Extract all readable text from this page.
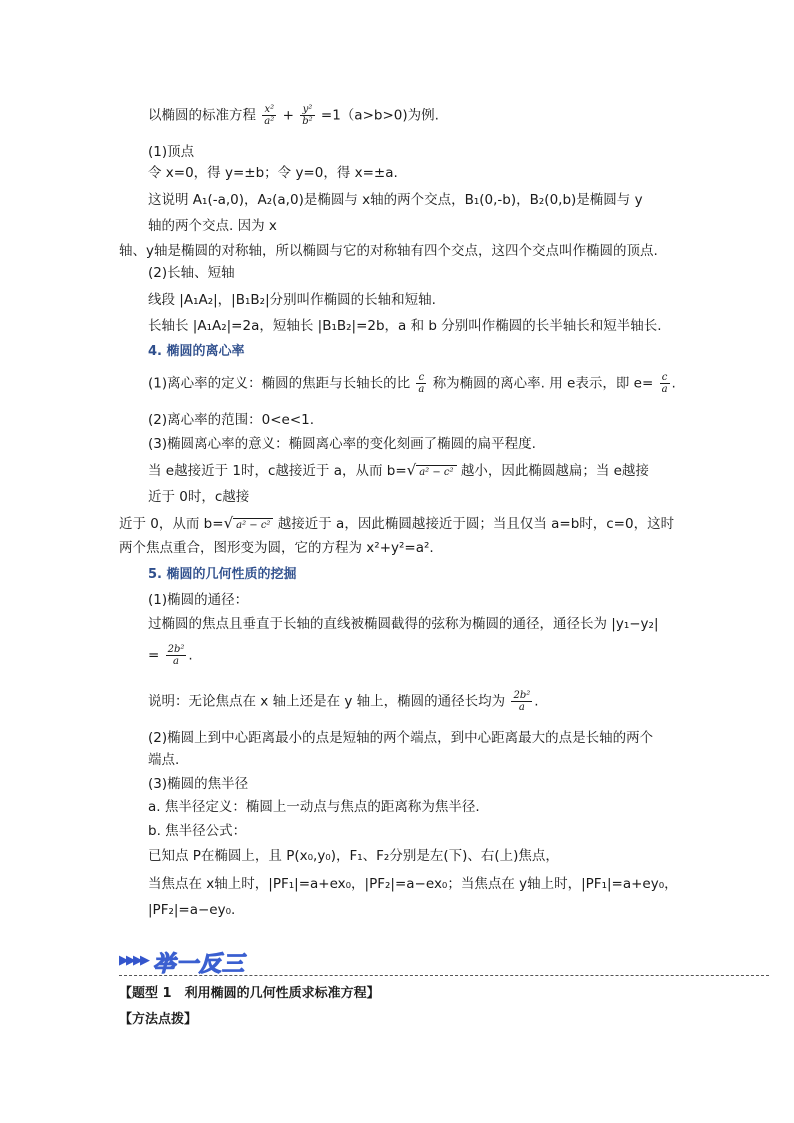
以椭圆的标准方程 $\frac{\text{x²}}{\text{a²}} + \frac{\text{y²}}{\text{b²}} =1(a>b>0)$为例.
(1)顶点
令 x=0，得 y=±b；令 y=0，得 x=±a.
这说明 A₁(-a,0)，A₂(a,0)是椭圆与 x轴的两个交点，B₁(0,-b)，B₂(0,b)是椭圆与 y
轴的两个交点. 因为 x
轴、y轴是椭圆的对称轴，所以椭圆与它的对称轴有四个交点，这四个交点叫作椭圆的顶点.
(2)长轴、短轴
线段 |A₁A₂|，|B₁B₂|分别叫作椭圆的长轴和短轴.
长轴长 |A₁A₂|=2a，短轴长 |B₁B₂|=2b，a 和 b 分别叫作椭圆的长半轴长和短半轴长.
4. 椭圆的离心率
(1)离心率的定义：椭圆的焦距与长轴长的比 $\frac{c}{a}$ 称为椭圆的离心率. 用 e表示，即 $e= \frac{c}{a}$ .
(2)离心率的范围：0<e<1.
(3)椭圆离心率的意义：椭圆离心率的变化刻画了椭圆的扁平程度.
当 e越接近于 1时，c越接近于 a，从而 b=√ a² − c² 越小，因此椭圆越扁；当 e越接
近于 0时，c越接
近于 0，从而 b=√ a² − c² 越接近于 a，因此椭圆越接近于圆；当且仅当 a=b时，c=0，这时
两个焦点重合，图形变为圆，它的方程为 x²+y²=a².
5. 椭圆的几何性质的挖掘
(1)椭圆的通径：
过椭圆的焦点且垂直于长轴的直线被椭圆截得的弦称为椭圆的通径，通径长为 |y₁−y₂|
= $\frac{\text{2b²}}{a}$ .
说明：无论焦点在 x 轴上还是在 y 轴上，椭圆的通径长均为 $\frac{\text{2b²}}{a}$ .
(2)椭圆上到中心距离最小的点是短轴的两个端点，到中心距离最大的点是长轴的两个
端点.
(3)椭圆的焦半径
a. 焦半径定义：椭圆上一动点与焦点的距离称为焦半径.
b. 焦半径公式：
已知点 P在椭圆上，且 P(x₀,y₀)，F₁、F₂分别是左(下)、右(上)焦点，
当焦点在 x轴上时，|PF₁|=a+ex₀，|PF₂|=a−ex₀；当焦点在 y轴上时，|PF₁|=a+ey₀，
|PF₂|=a−ey₀.
▶▶▶▶ 举一反三
【题型 1　利用椭圆的几何性质求标准方程】
【方法点拨】
